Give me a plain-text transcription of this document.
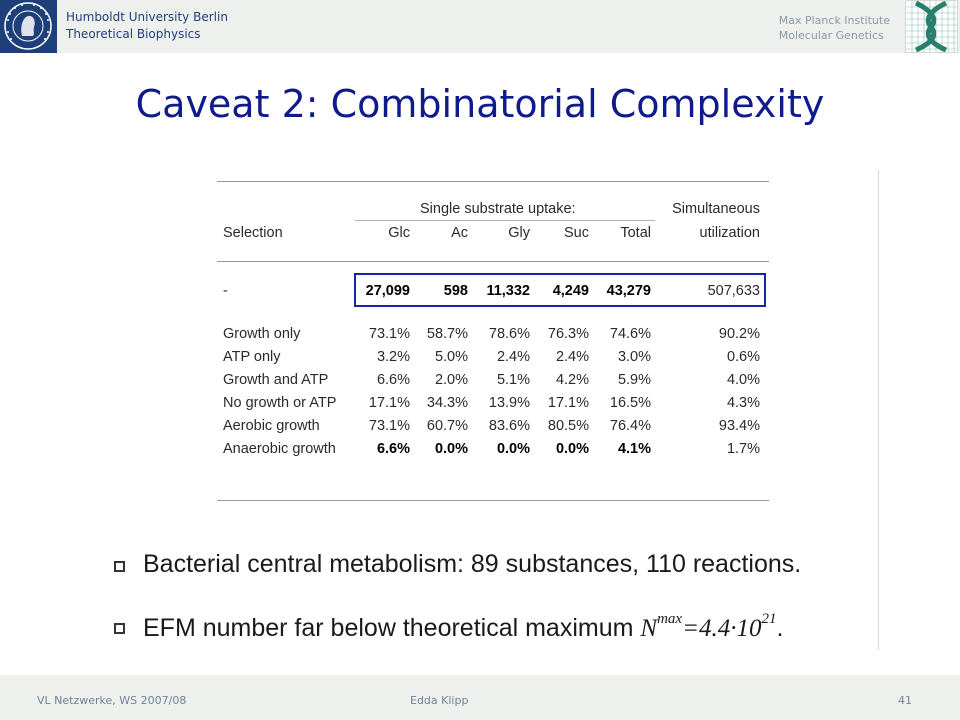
Humboldt University Berlin
Theoretical Biophysics
Max Planck Institute
Molecular Genetics
Caveat 2: Combinatorial Complexity
Single substrate uptake:	Simultaneous
utilization
Selection	Glc	Ac	Gly	Suc	Total
-	27,099	598	11,332	4,249	43,279	507,633
Growth only	73.1%	58.7%	78.6%	76.3%	74.6%	90.2%
ATP only	3.2%	5.0%	2.4%	2.4%	3.0%	0.6%
Growth and ATP	6.6%	2.0%	5.1%	4.2%	5.9%	4.0%
No growth or ATP	17.1%	34.3%	13.9%	17.1%	16.5%	4.3%
Aerobic growth	73.1%	60.7%	83.6%	80.5%	76.4%	93.4%
Anaerobic growth	6.6%	0.0%	0.0%	0.0%	4.1%	1.7%
Bacterial central metabolism: 89 substances, 110 reactions.
EFM number far below theoretical maximum $N^{max}=4.4\cdot 10^{21}$.
VL Netzwerke, WS 2007/08	Edda Klipp	41
